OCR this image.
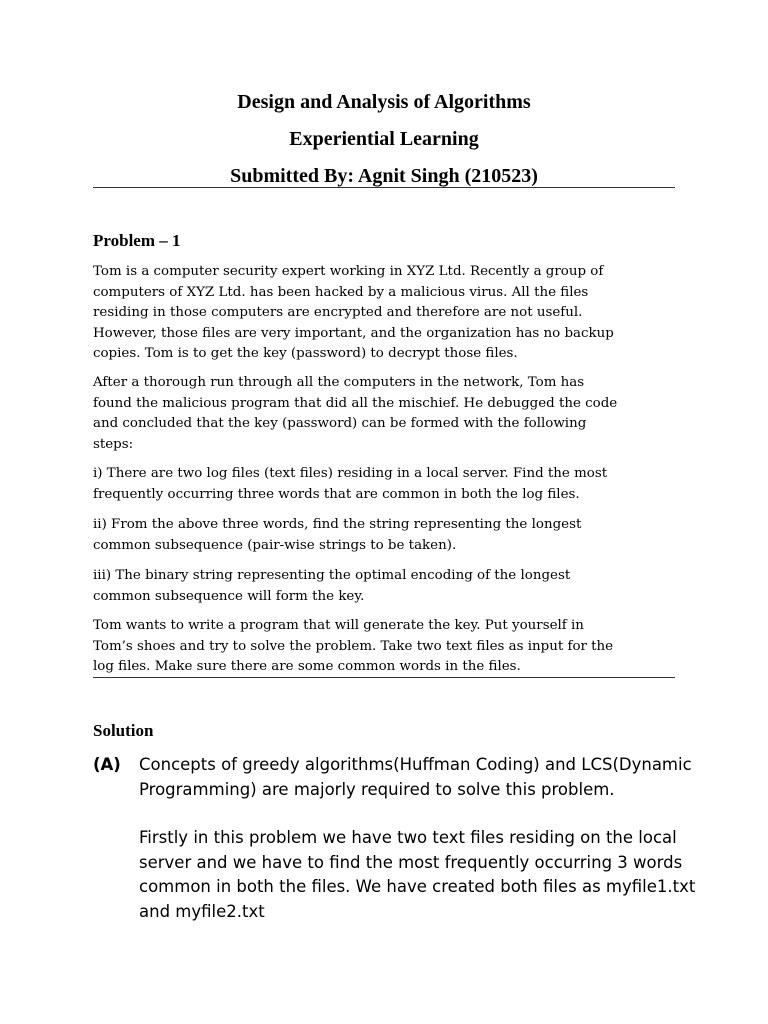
Design and Analysis of Algorithms
Experiential Learning
Submitted By: Agnit Singh (210523)
Problem – 1
Tom is a computer security expert working in XYZ Ltd. Recently a group of
computers of XYZ Ltd. has been hacked by a malicious virus. All the files
residing in those computers are encrypted and therefore are not useful.
However, those files are very important, and the organization has no backup
copies. Tom is to get the key (password) to decrypt those files.
After a thorough run through all the computers in the network, Tom has
found the malicious program that did all the mischief. He debugged the code
and concluded that the key (password) can be formed with the following
steps:
i) There are two log files (text files) residing in a local server. Find the most
frequently occurring three words that are common in both the log files.
ii) From the above three words, find the string representing the longest
common subsequence (pair-wise strings to be taken).
iii) The binary string representing the optimal encoding of the longest
common subsequence will form the key.
Tom wants to write a program that will generate the key. Put yourself in
Tom’s shoes and try to solve the problem. Take two text files as input for the
log files. Make sure there are some common words in the files.
Solution
(A) Concepts of greedy algorithms(Huffman Coding) and LCS(Dynamic
Programming) are majorly required to solve this problem.
Firstly in this problem we have two text files residing on the local
server and we have to find the most frequently occurring 3 words
common in both the files. We have created both files as myfile1.txt
and myfile2.txt
